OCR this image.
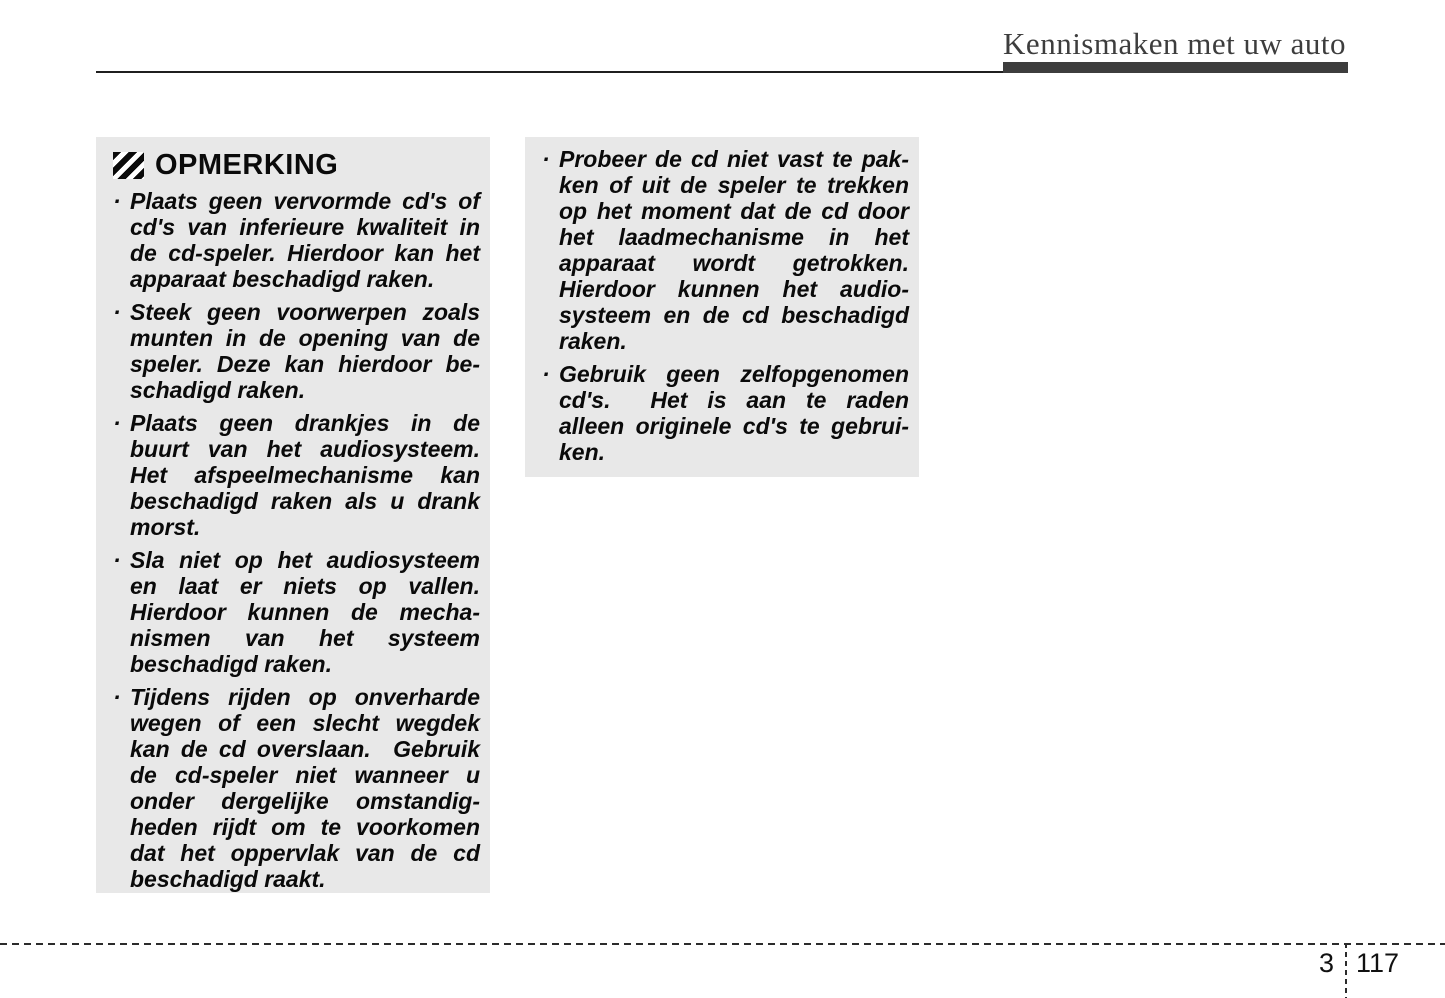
Kennismaken met uw auto
OPMERKING
· Plaats geen vervormde cd's of
cd's van inferieure kwaliteit in
de cd-speler. Hierdoor kan het
apparaat beschadigd raken.
· Steek geen voorwerpen zoals
munten in de opening van de
speler. Deze kan hierdoor be-
schadigd raken.
· Plaats geen drankjes in de
buurt van het audiosysteem.
Het afspeelmechanisme kan
beschadigd raken als u drank
morst.
· Sla niet op het audiosysteem
en laat er niets op vallen.
Hierdoor kunnen de mecha-
nismen van het systeem
beschadigd raken.
· Tijdens rijden op onverharde
wegen of een slecht wegdek
kan de cd overslaan.  Gebruik
de cd-speler niet wanneer u
onder dergelijke omstandig-
heden rijdt om te voorkomen
dat het oppervlak van de cd
beschadigd raakt.
· Probeer de cd niet vast te pak-
ken of uit de speler te trekken
op het moment dat de cd door
het laadmechanisme in het
apparaat wordt getrokken.
Hierdoor kunnen het audio-
systeem en de cd beschadigd
raken.
· Gebruik geen zelfopgenomen
cd's.  Het is aan te raden
alleen originele cd's te gebrui-
ken.
3 117
